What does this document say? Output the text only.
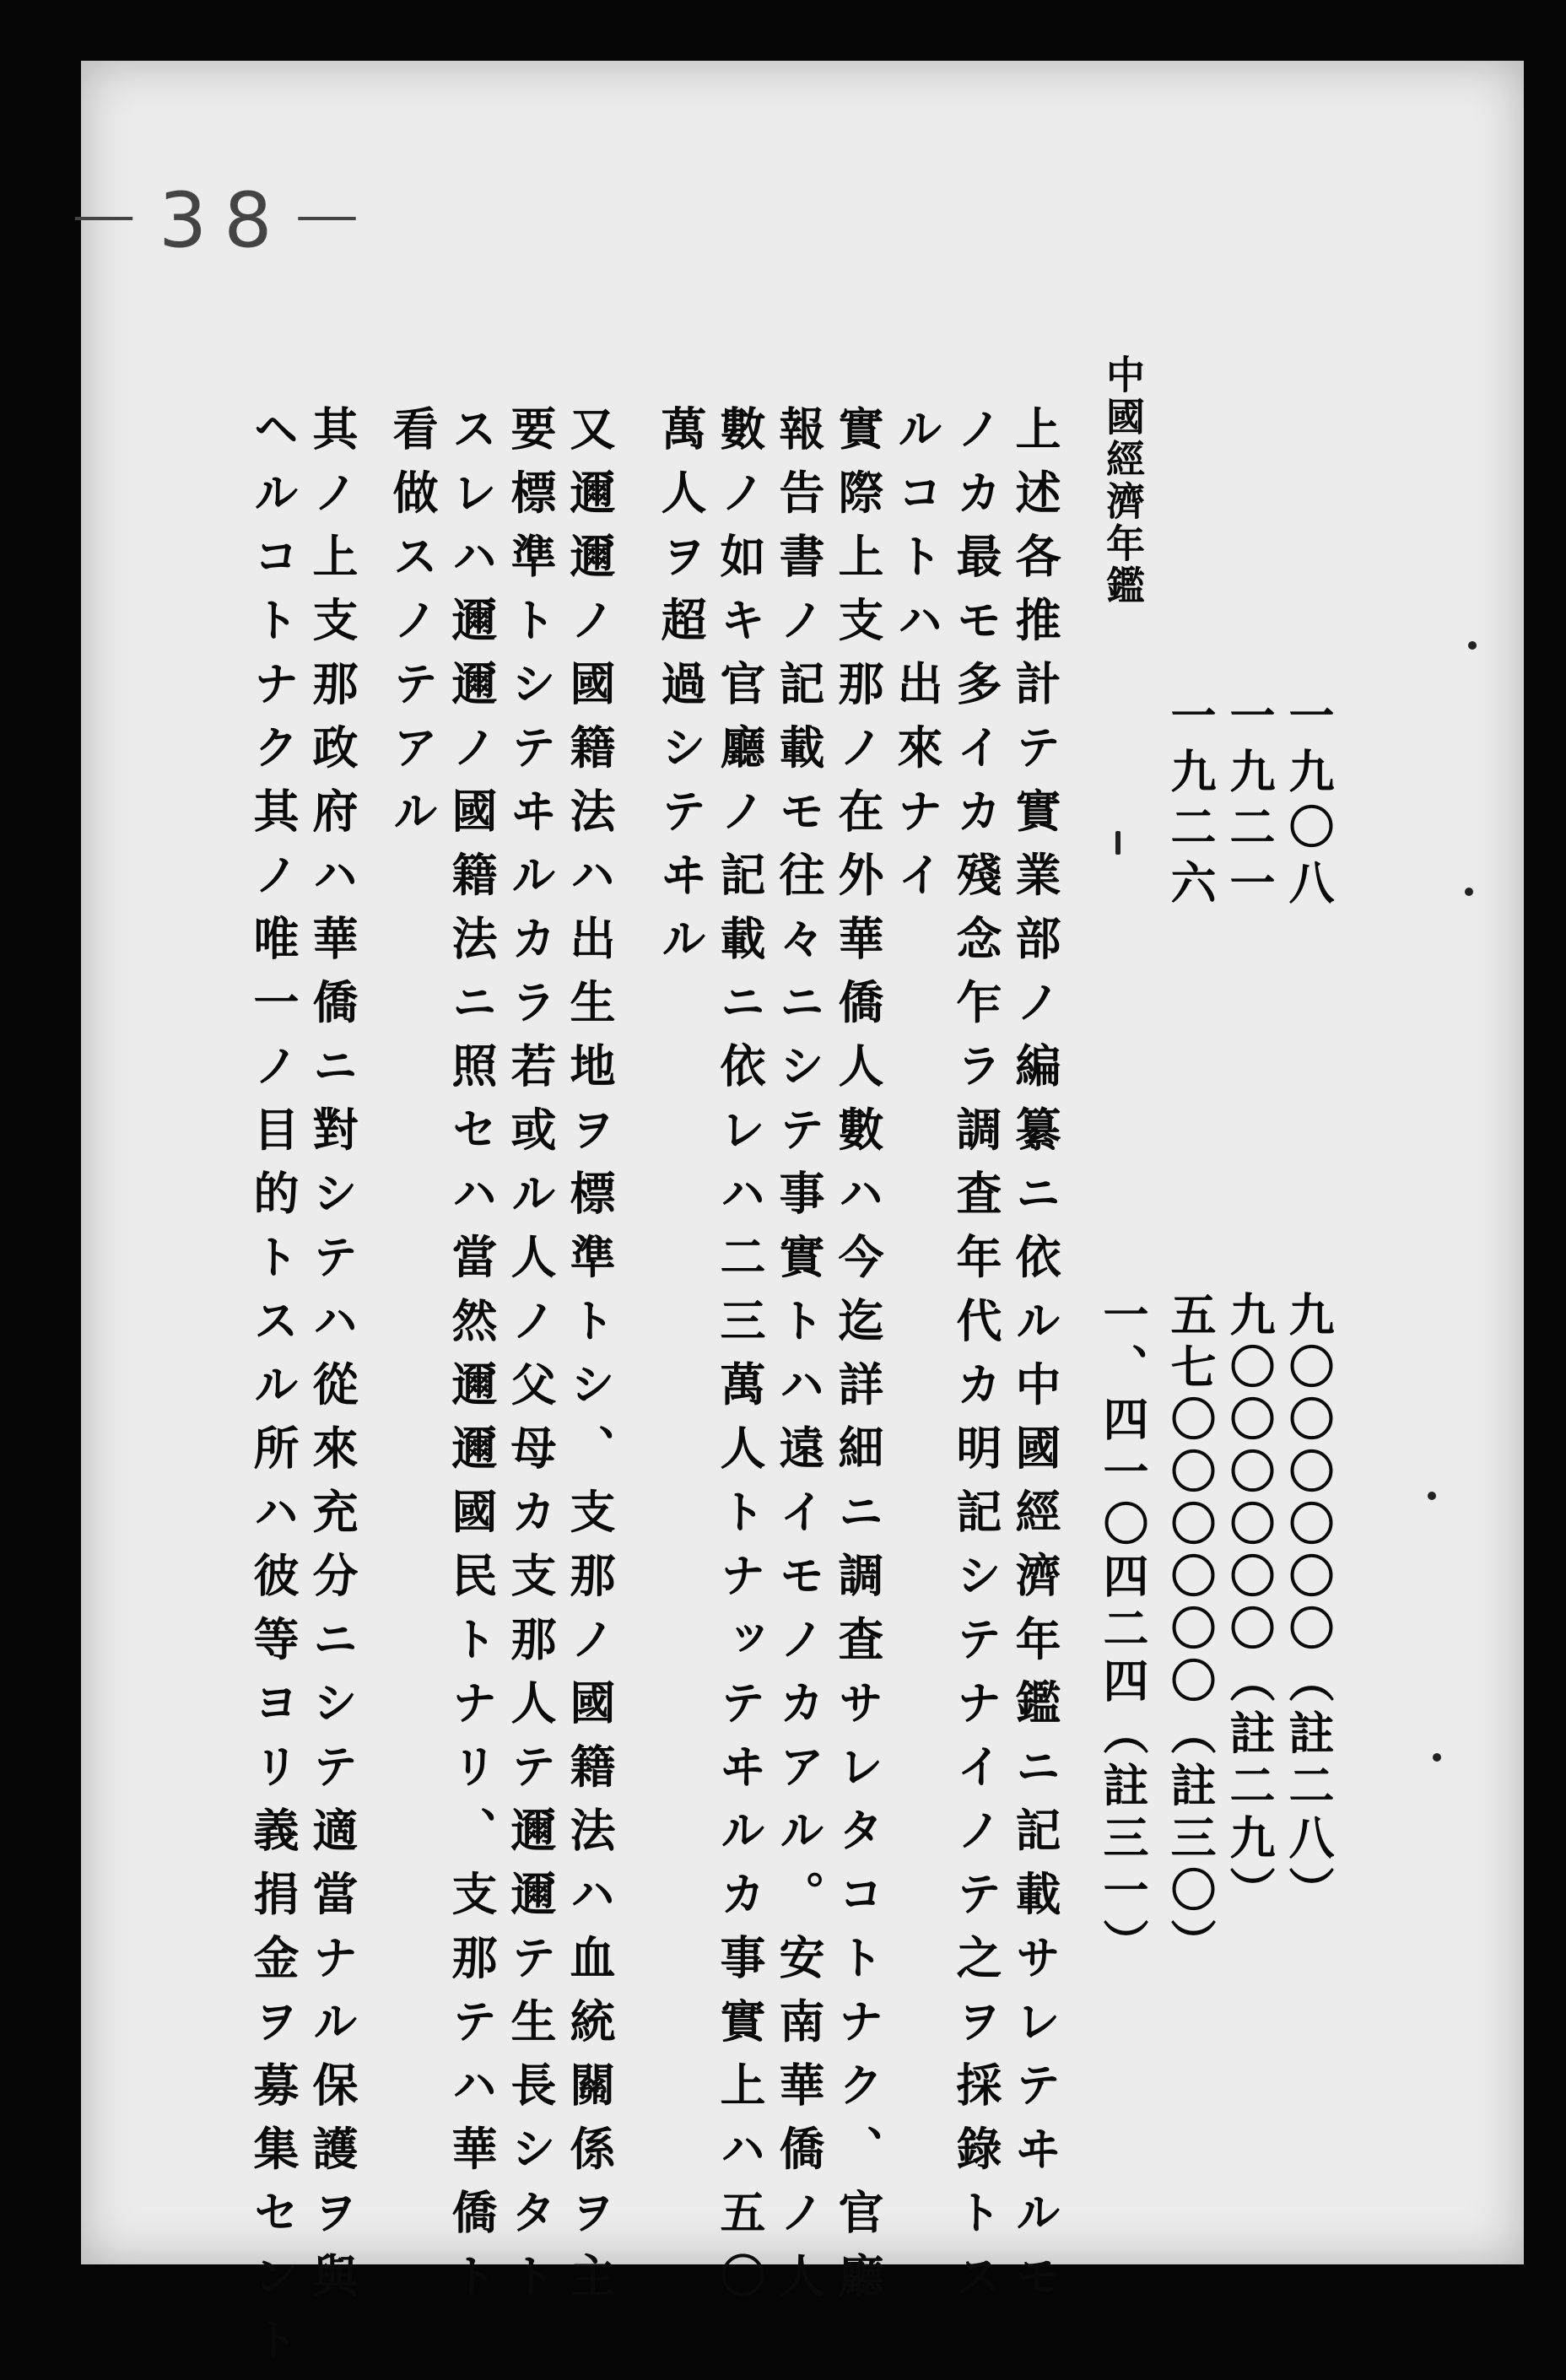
－38－
中國經濟年鑑
一九〇八
一九二一
一九二六
九〇〇〇〇〇〇（註二八）
九〇〇〇〇〇〇（註二九）
五七〇〇〇〇〇〇（註三〇）
一、四一〇四二四（註三一）
上述各推計テ實業部ノ編纂ニ依ル中國經濟年鑑ニ記載サレテヰルモ
ノカ最モ多イカ殘念乍ラ調査年代カ明記シテナイノテ之ヲ採錄トス
ルコトハ出來ナイ
實際上支那ノ在外華僑人數ハ今迄詳細ニ調査サレタコトナク、官廳
報告書ノ記載モ往々ニシテ事實トハ遠イモノカアル。安南華僑ノ人
數ノ如キ官廳ノ記載ニ依レハ二三萬人トナッテヰルカ事實上ハ五〇
萬人ヲ超過シテヰル
又邇邇ノ國籍法ハ出生地ヲ標準トシ、支那ノ國籍法ハ血統關係ヲ主
要標準トシテヰルカラ若或ル人ノ父母カ支那人テ邇邇テ生長シタト
スレハ邇邇ノ國籍法ニ照セハ當然邇邇國民トナリ、支那テハ華僑ト
看做スノテアル
其ノ上支那政府ハ華僑ニ對シテハ從來充分ニシテ適當ナル保護ヲ與
ヘルコトナク其ノ唯一ノ目的トスル所ハ彼等ヨリ義捐金ヲ募集セント
